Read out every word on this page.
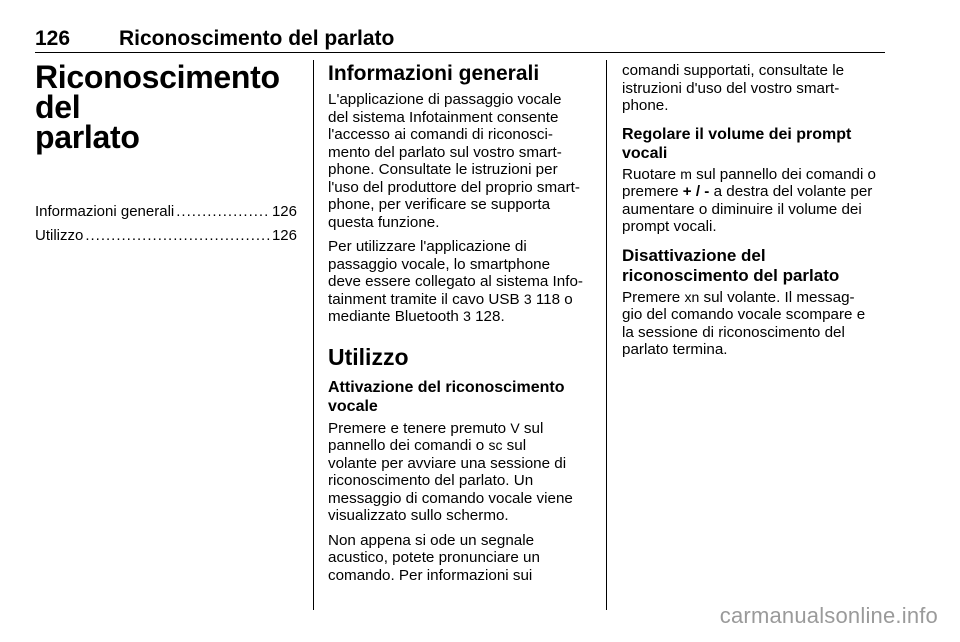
126 Riconoscimento del parlato
Riconoscimento del
parlato
Informazioni generali .....	126
Utilizzo .....	126
Informazioni generali

L'applicazione di passaggio vocale
del sistema Infotainment consente
l'accesso ai comandi di riconosci-
mento del parlato sul vostro smart-
phone. Consultate le istruzioni per
l'uso del produttore del proprio smart-
phone, per verificare se supporta
questa funzione.

Per utilizzare l'applicazione di
passaggio vocale, lo smartphone
deve essere collegato al sistema Info-
tainment tramite il cavo USB 3 118 o
mediante Bluetooth 3 128.

Utilizzo
Attivazione del riconoscimento
vocale

Premere e tenere premuto V sul
pannello dei comandi o sc sul
volante per avviare una sessione di
riconoscimento del parlato. Un
messaggio di comando vocale viene
visualizzato sullo schermo.

Non appena si ode un segnale
acustico, potete pronunciare un
comando. Per informazioni sui

comandi supportati, consultate le
istruzioni d'uso del vostro smart-
phone.

Regolare il volume dei prompt vocali

Ruotare m sul pannello dei comandi o
premere + / - a destra del volante per
aumentare o diminuire il volume dei
prompt vocali.

Disattivazione del riconoscimento del parlato

Premere xn sul volante. Il messag-
gio del comando vocale scompare e
la sessione di riconoscimento del
parlato termina.

carmanualsonline.info
